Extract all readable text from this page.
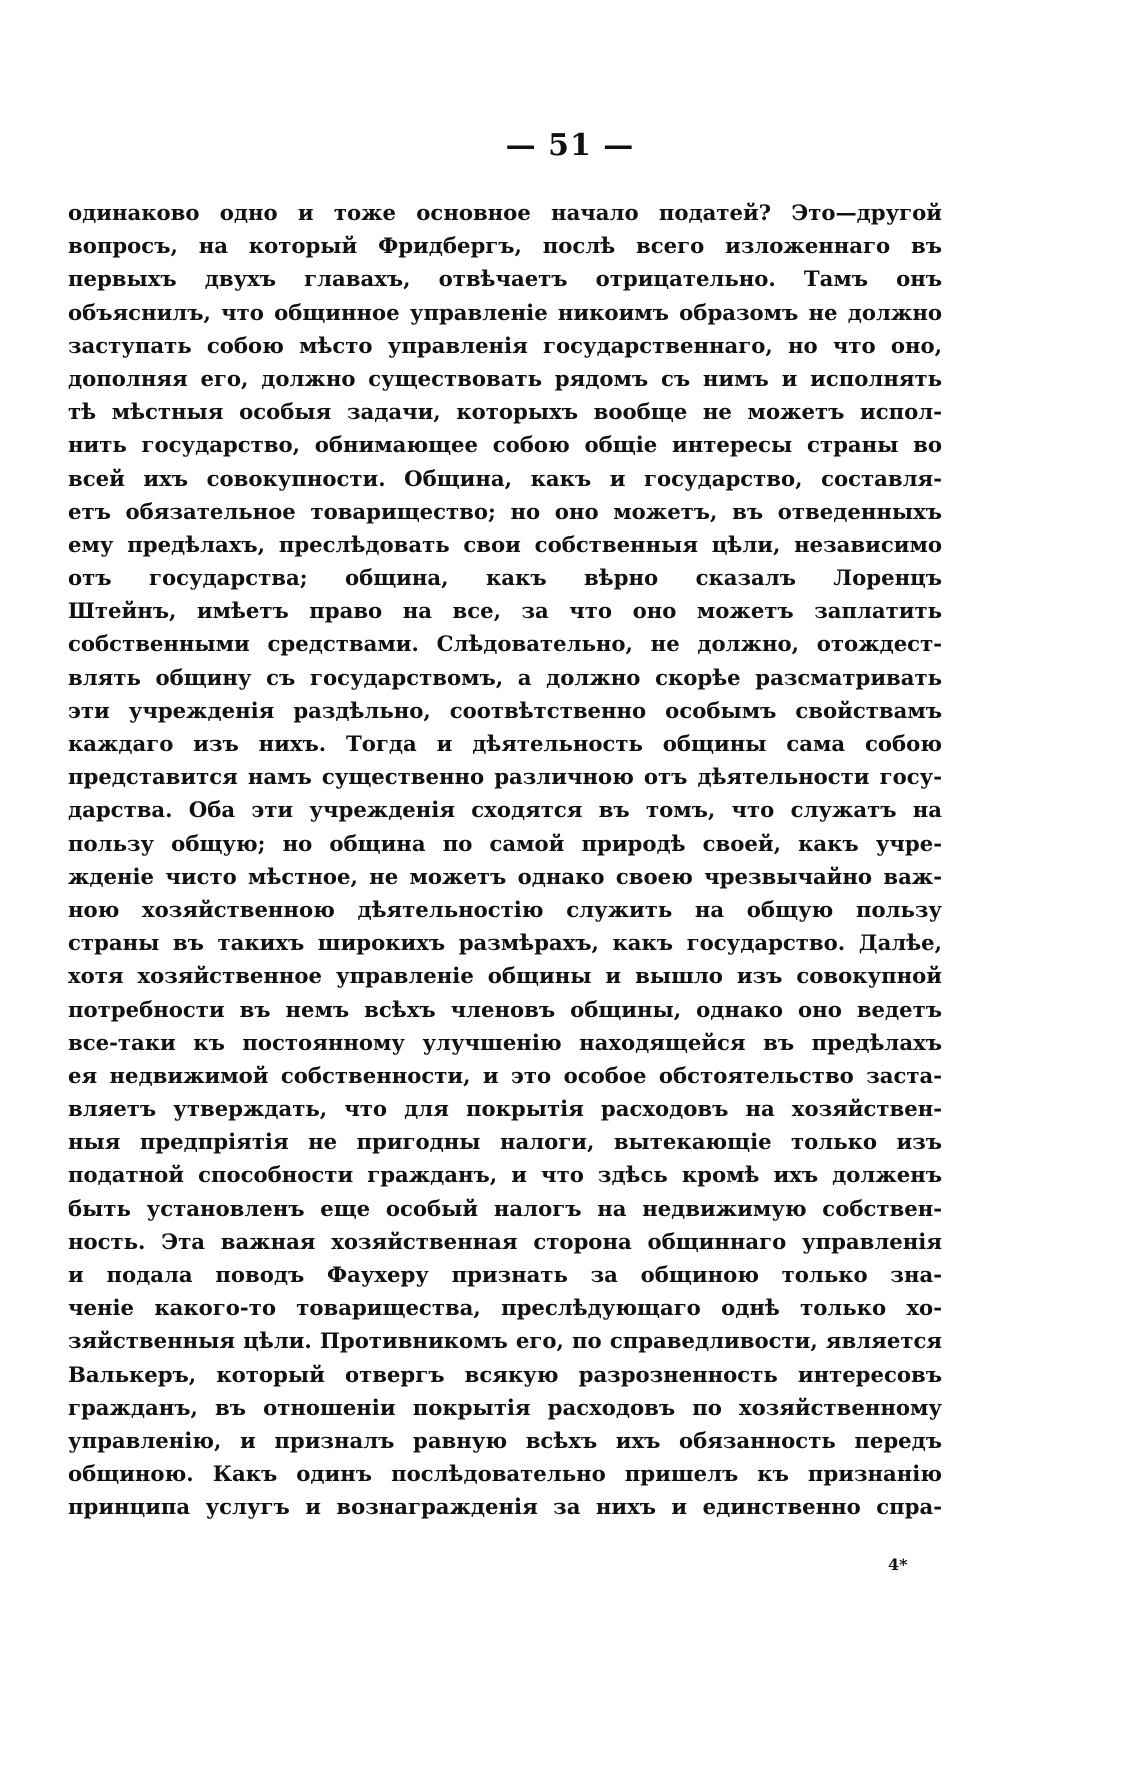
— 51 —
одинаково одно и тоже основное начало податей? Это—другой
вопросъ, на который Фридбергъ, послѣ всего изложеннаго въ
первыхъ двухъ главахъ, отвѣчаетъ отрицательно. Тамъ онъ
объяснилъ, что общинное управленіе никоимъ образомъ не должно
заступать собою мѣсто управленія государственнаго, но что оно,
дополняя его, должно существовать рядомъ съ нимъ и исполнять
тѣ мѣстныя особыя задачи, которыхъ вообще не можетъ испол-
нить государство, обнимающее собою общіе интересы страны во
всей ихъ совокупности. Община, какъ и государство, составля-
етъ обязательное товарищество; но оно можетъ, въ отведенныхъ
ему предѣлахъ, преслѣдовать свои собственныя цѣли, независимо
отъ государства; община, какъ вѣрно сказалъ Лоренцъ
Штейнъ, имѣетъ право на все, за что оно можетъ заплатить
собственными средствами. Слѣдовательно, не должно, отождест-
влять общину съ государствомъ, а должно скорѣе разсматривать
эти учрежденія раздѣльно, соотвѣтственно особымъ свойствамъ
каждаго изъ нихъ. Тогда и дѣятельность общины сама собою
представится намъ существенно различною отъ дѣятельности госу-
дарства. Оба эти учрежденія сходятся въ томъ, что служатъ на
пользу общую; но община по самой природѣ своей, какъ учре-
жденіе чисто мѣстное, не можетъ однако своею чрезвычайно важ-
ною хозяйственною дѣятельностію служить на общую пользу
страны въ такихъ широкихъ размѣрахъ, какъ государство. Далѣе,
хотя хозяйственное управленіе общины и вышло изъ совокупной
потребности въ немъ всѣхъ членовъ общины, однако оно ведетъ
все-таки къ постоянному улучшенію находящейся въ предѣлахъ
ея недвижимой собственности, и это особое обстоятельство заста-
вляетъ утверждать, что для покрытія расходовъ на хозяйствен-
ныя предпріятія не пригодны налоги, вытекающіе только изъ
податной способности гражданъ, и что здѣсь кромѣ ихъ долженъ
быть установленъ еще особый налогъ на недвижимую собствен-
ность. Эта важная хозяйственная сторона общиннаго управленія
и подала поводъ Фаухеру признать за общиною только зна-
ченіе какого-то товарищества, преслѣдующаго однѣ только хо-
зяйственныя цѣли. Противникомъ его, по справедливости, является
Валькеръ, который отвергъ всякую разрозненность интересовъ
гражданъ, въ отношеніи покрытія расходовъ по хозяйственному
управленію, и призналъ равную всѣхъ ихъ обязанность передъ
общиною. Какъ одинъ послѣдовательно пришелъ къ признанію
принципа услугъ и вознагражденія за нихъ и единственно спра-
4*
